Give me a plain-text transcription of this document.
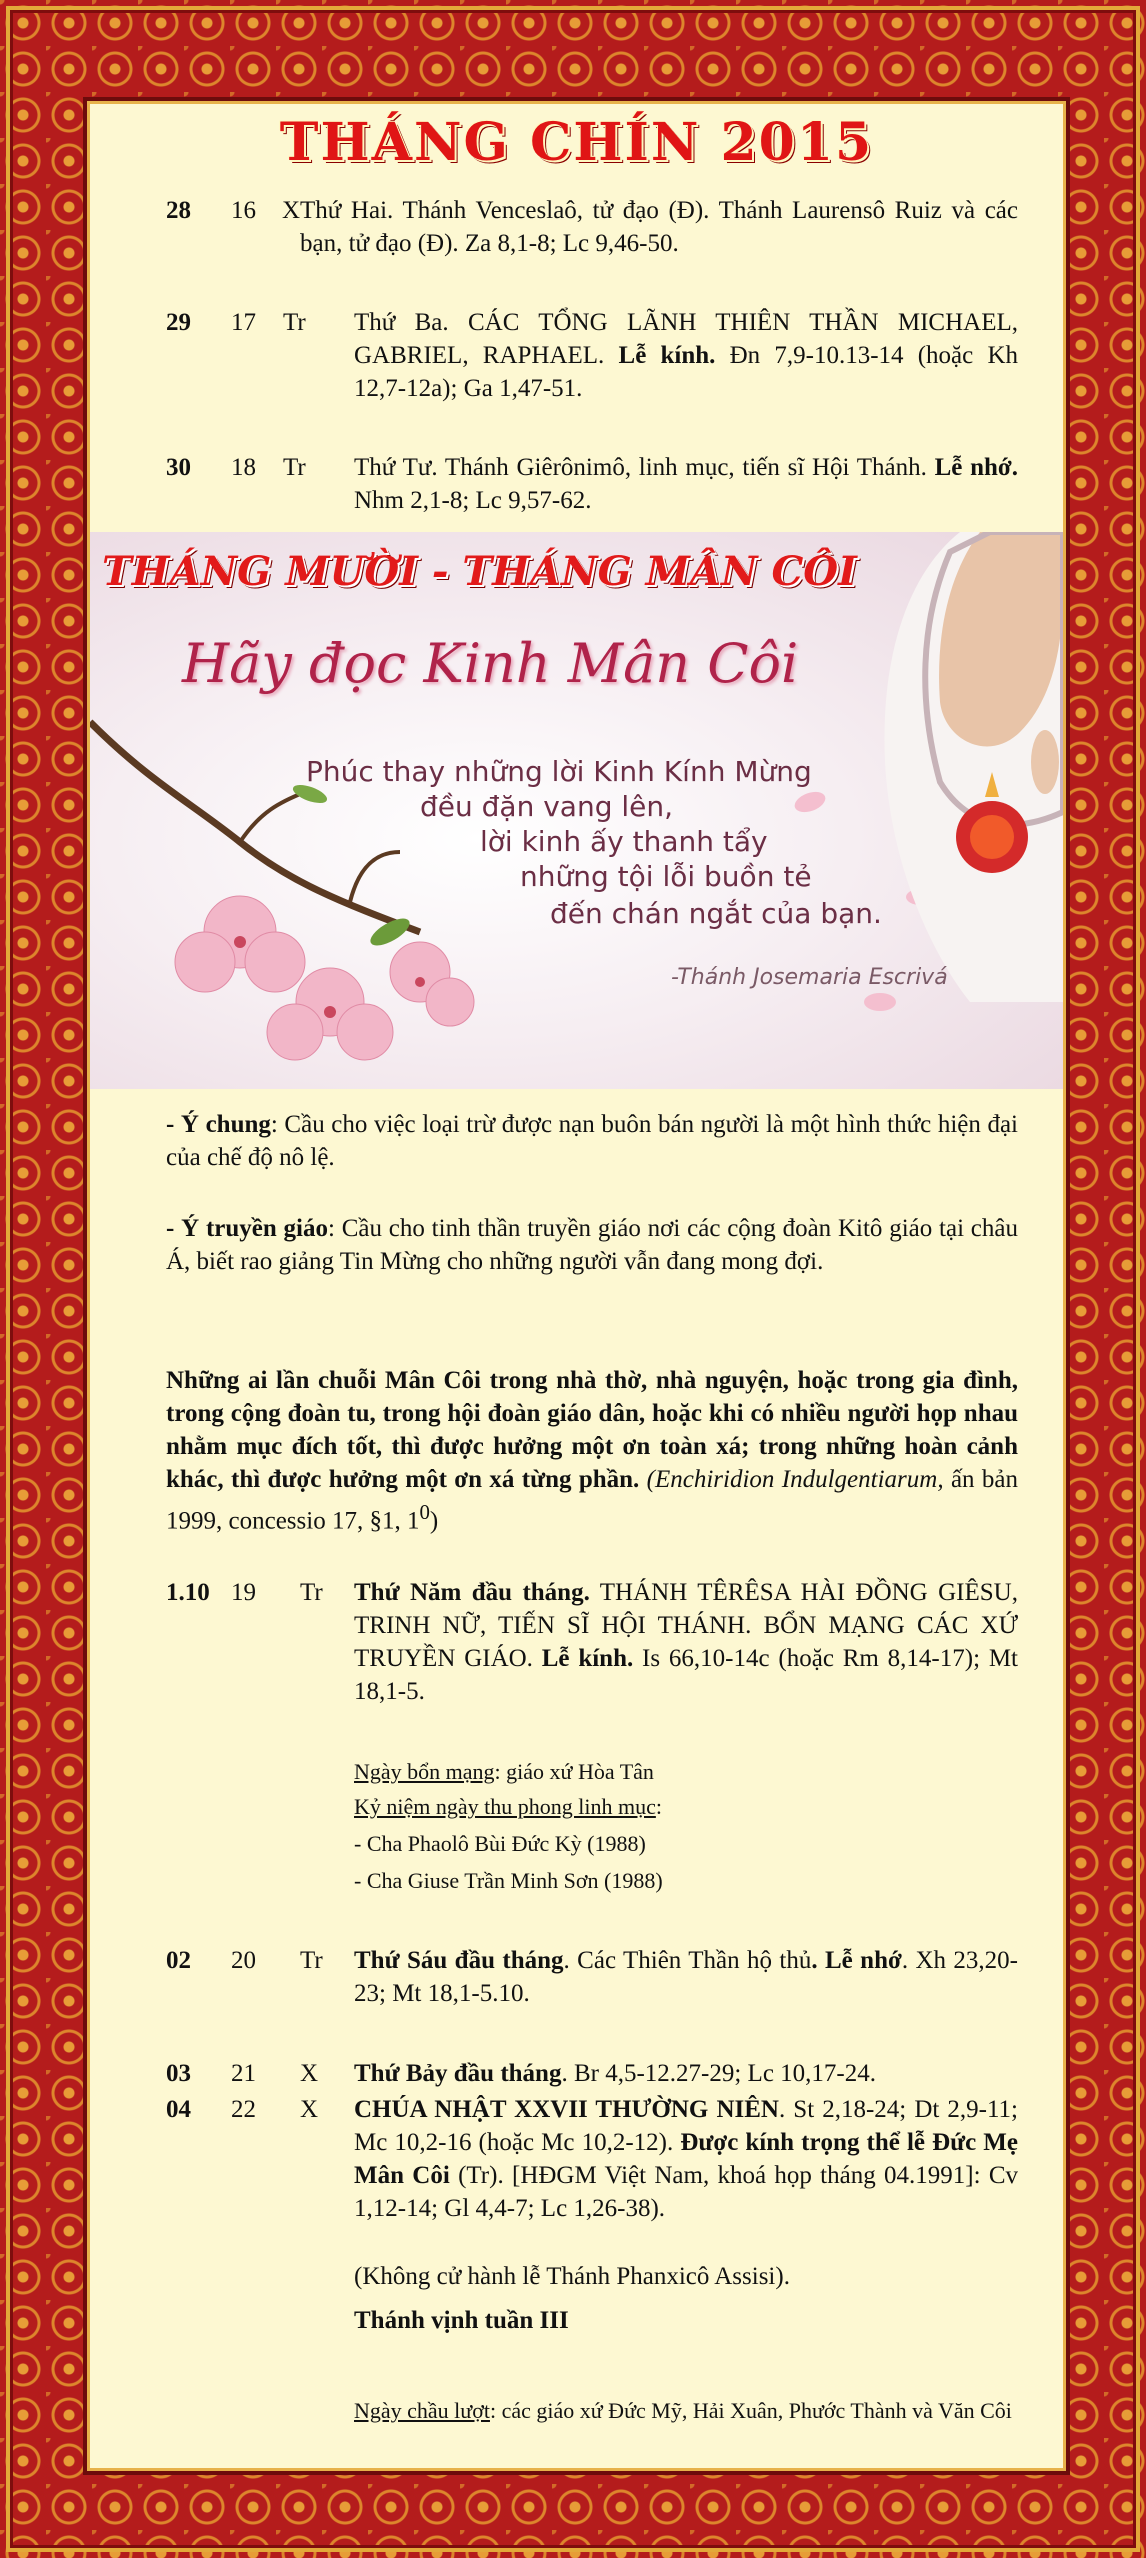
THÁNG CHÍN 2015
28 16 X Thứ Hai. Thánh Venceslaô, tử đạo (Đ). Thánh Laurensô Ruiz và các bạn, tử đạo (Đ). Za 8,1-8; Lc 9,46-50.
29 17 Tr Thứ Ba. CÁC TỔNG LÃNH THIÊN THẦN MICHAEL, GABRIEL, RAPHAEL. Lễ kính. Đn 7,9-10.13-14 (hoặc Kh 12,7-12a); Ga 1,47-51.
30 18 Tr Thứ Tư. Thánh Giêrônimô, linh mục, tiến sĩ Hội Thánh. Lễ nhớ. Nhm 2,1-8; Lc 9,57-62.
THÁNG MƯỜI - THÁNG MÂN CÔI
Hãy đọc Kinh Mân Côi
Phúc thay những lời Kinh Kính Mừng
đều đặn vang lên,
lời kinh ấy thanh tẩy
những tội lỗi buồn tẻ
đến chán ngắt của bạn.
-Thánh Josemaria Escrivá
- Ý chung: Cầu cho việc loại trừ được nạn buôn bán người là một hình thức hiện đại của chế độ nô lệ.
- Ý truyền giáo: Cầu cho tinh thần truyền giáo nơi các cộng đoàn Kitô giáo tại châu Á, biết rao giảng Tin Mừng cho những người vẫn đang mong đợi.
Những ai lần chuỗi Mân Côi trong nhà thờ, nhà nguyện, hoặc trong gia đình, trong cộng đoàn tu, trong hội đoàn giáo dân, hoặc khi có nhiều người họp nhau nhằm mục đích tốt, thì được hưởng một ơn toàn xá; trong những hoàn cảnh khác, thì được hưởng một ơn xá từng phần. (Enchiridion Indulgentiarum, ấn bản 1999, concessio 17, §1, $1^0$)
1.10 19 Tr Thứ Năm đầu tháng. THÁNH TÊRÊSA HÀI ĐỒNG GIÊSU, TRINH NỮ, TIẾN SĨ HỘI THÁNH. BỔN MẠNG CÁC XỨ TRUYỀN GIÁO. Lễ kính. Is 66,10-14c (hoặc Rm 8,14-17); Mt 18,1-5.
Ngày bổn mạng: giáo xứ Hòa Tân
Kỷ niệm ngày thu phong linh mục:
- Cha Phaolô Bùi Đức Kỳ (1988)
- Cha Giuse Trần Minh Sơn (1988)
02 20 Tr Thứ Sáu đầu tháng. Các Thiên Thần hộ thủ. Lễ nhớ. Xh 23,20-23; Mt 18,1-5.10.
03 21 X Thứ Bảy đầu tháng. Br 4,5-12.27-29; Lc 10,17-24.
04 22 X CHÚA NHẬT XXVII THƯỜNG NIÊN. St 2,18-24; Dt 2,9-11; Mc 10,2-16 (hoặc Mc 10,2-12). Được kính trọng thể lễ Đức Mẹ Mân Côi (Tr). [HĐGM Việt Nam, khoá họp tháng 04.1991]: Cv 1,12-14; Gl 4,4-7; Lc 1,26-38).
(Không cử hành lễ Thánh Phanxicô Assisi).
Thánh vịnh tuần III
Ngày chầu lượt: các giáo xứ Đức Mỹ, Hải Xuân, Phước Thành và Văn Côi
